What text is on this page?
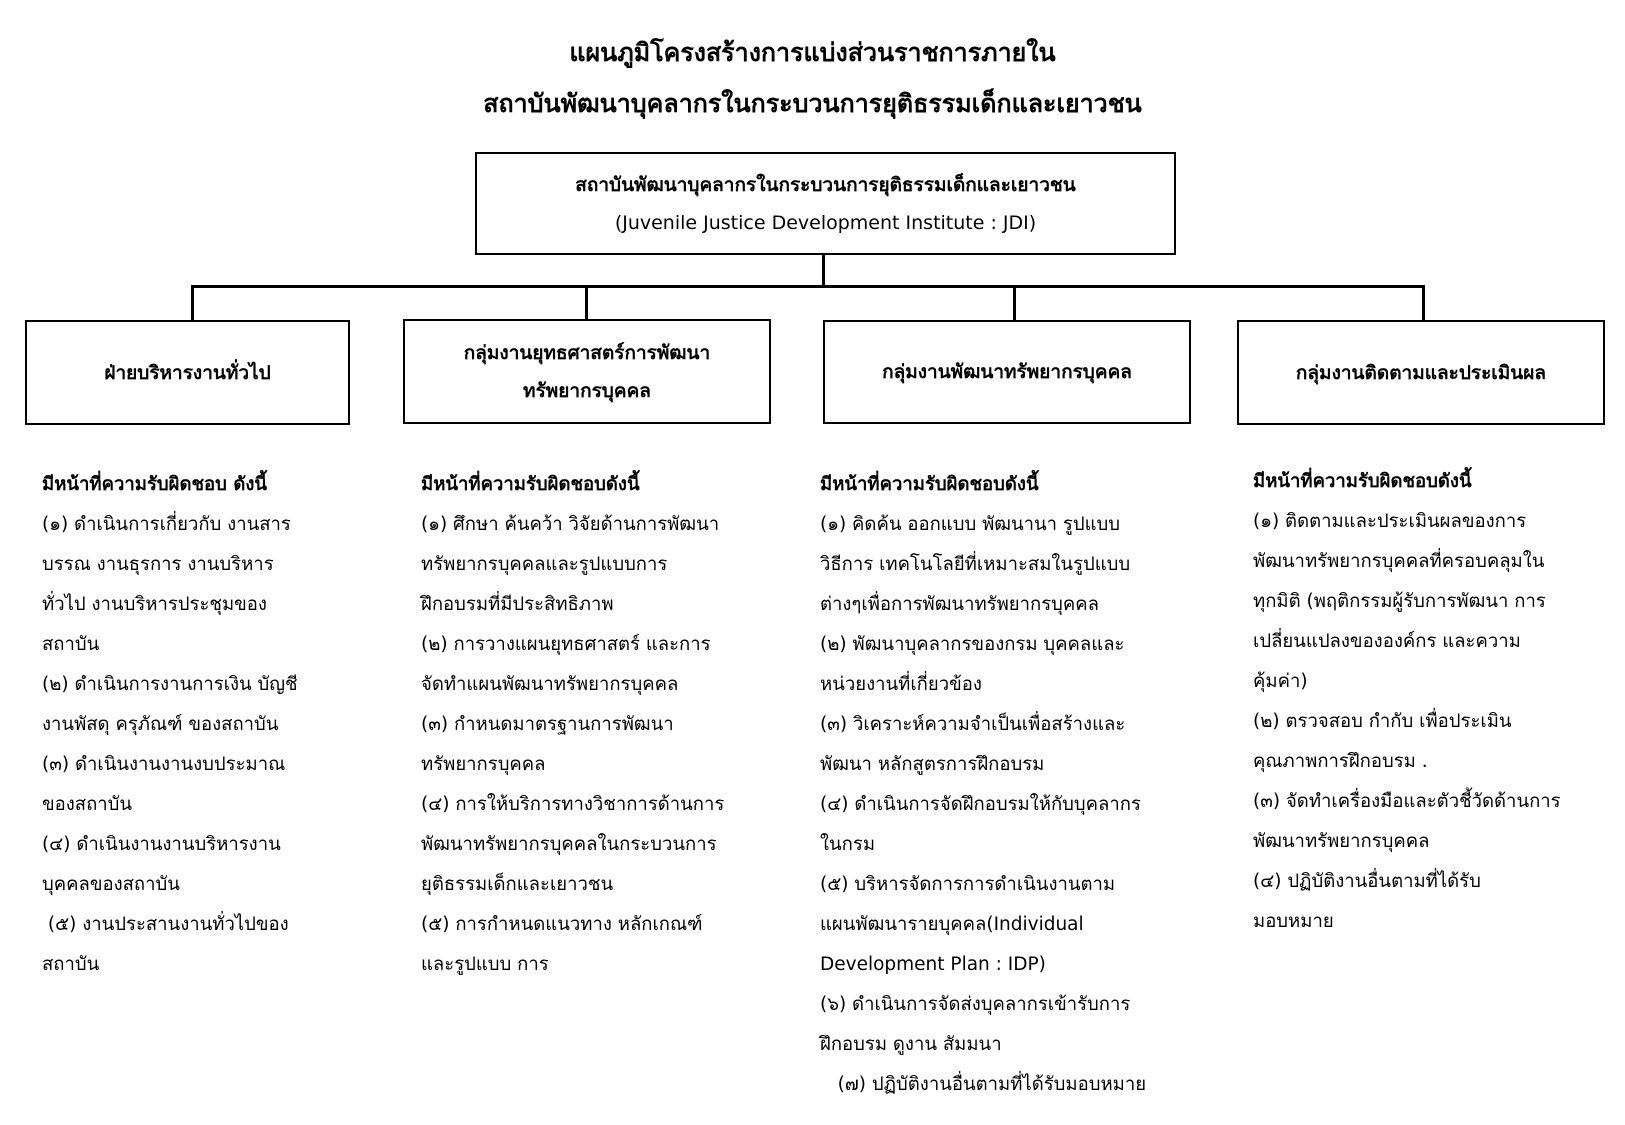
แผนภูมิโครงสร้างการแบ่งส่วนราชการภายใน
สถาบันพัฒนาบุคลากรในกระบวนการยุติธรรมเด็กและเยาวชน
สถาบันพัฒนาบุคลากรในกระบวนการยุติธรรมเด็กและเยาวชน
(Juvenile Justice Development Institute : JDI)
ฝ่ายบริหารงานทั่วไป
กลุ่มงานยุทธศาสตร์การพัฒนา
ทรัพยากรบุคคล
กลุ่มงานพัฒนาทรัพยากรบุคคล	กลุ่มงานติดตามและประเมินผล
มีหน้าที่ความรับผิดชอบ ดังนี้
(๑) ดำเนินการเกี่ยวกับ งานสาร
บรรณ งานธุรการ งานบริหาร
ทั่วไป งานบริหารประชุมของ
สถาบัน
(๒) ดำเนินการงานการเงิน บัญชี
งานพัสดุ ครุภัณฑ์ ของสถาบัน
(๓) ดำเนินงานงานงบประมาณ
ของสถาบัน
(๔) ดำเนินงานงานบริหารงาน
บุคคลของสถาบัน
(๕) งานประสานงานทั่วไปของ
สถาบัน
มีหน้าที่ความรับผิดชอบดังนี้
(๑) ศึกษา ค้นคว้า วิจัยด้านการพัฒนา
ทรัพยากรบุคคลและรูปแบบการ
ฝึกอบรมที่มีประสิทธิภาพ
(๒) การวางแผนยุทธศาสตร์ และการ
จัดทำแผนพัฒนาทรัพยากรบุคคล
(๓) กำหนดมาตรฐานการพัฒนา
ทรัพยากรบุคคล
(๔) การให้บริการทางวิชาการด้านการ
พัฒนาทรัพยากรบุคคลในกระบวนการ
ยุติธรรมเด็กและเยาวชน
(๕) การกำหนดแนวทาง หลักเกณฑ์
และรูปแบบ การ
มีหน้าที่ความรับผิดชอบดังนี้
(๑) คิดค้น ออกแบบ พัฒนานา รูปแบบ
วิธีการ เทคโนโลยีที่เหมาะสมในรูปแบบ
ต่างๆเพื่อการพัฒนาทรัพยากรบุคคล
(๒) พัฒนาบุคลากรของกรม บุคคลและ
หน่วยงานที่เกี่ยวข้อง
(๓) วิเคราะห์ความจำเป็นเพื่อสร้างและ
พัฒนา หลักสูตรการฝึกอบรม
(๔) ดำเนินการจัดฝึกอบรมให้กับบุคลากร
ในกรม
(๕) บริหารจัดการการดำเนินงานตาม
แผนพัฒนารายบุคคล(Individual
Development Plan : IDP)
(๖) ดำเนินการจัดส่งบุคลากรเข้ารับการ
ฝึกอบรม ดูงาน สัมมนา
(๗) ปฏิบัติงานอื่นตามที่ได้รับมอบหมาย
มีหน้าที่ความรับผิดชอบดังนี้
(๑) ติดตามและประเมินผลของการ
พัฒนาทรัพยากรบุคคลที่ครอบคลุมใน
ทุกมิติ (พฤติกรรมผู้รับการพัฒนา การ
เปลี่ยนแปลงขององค์กร และความ
คุ้มค่า)
(๒) ตรวจสอบ กำกับ เพื่อประเมิน
คุณภาพการฝึกอบรม .
(๓) จัดทำเครื่องมือและตัวชี้วัดด้านการ
พัฒนาทรัพยากรบุคคล
(๔) ปฏิบัติงานอื่นตามที่ได้รับ
มอบหมาย
